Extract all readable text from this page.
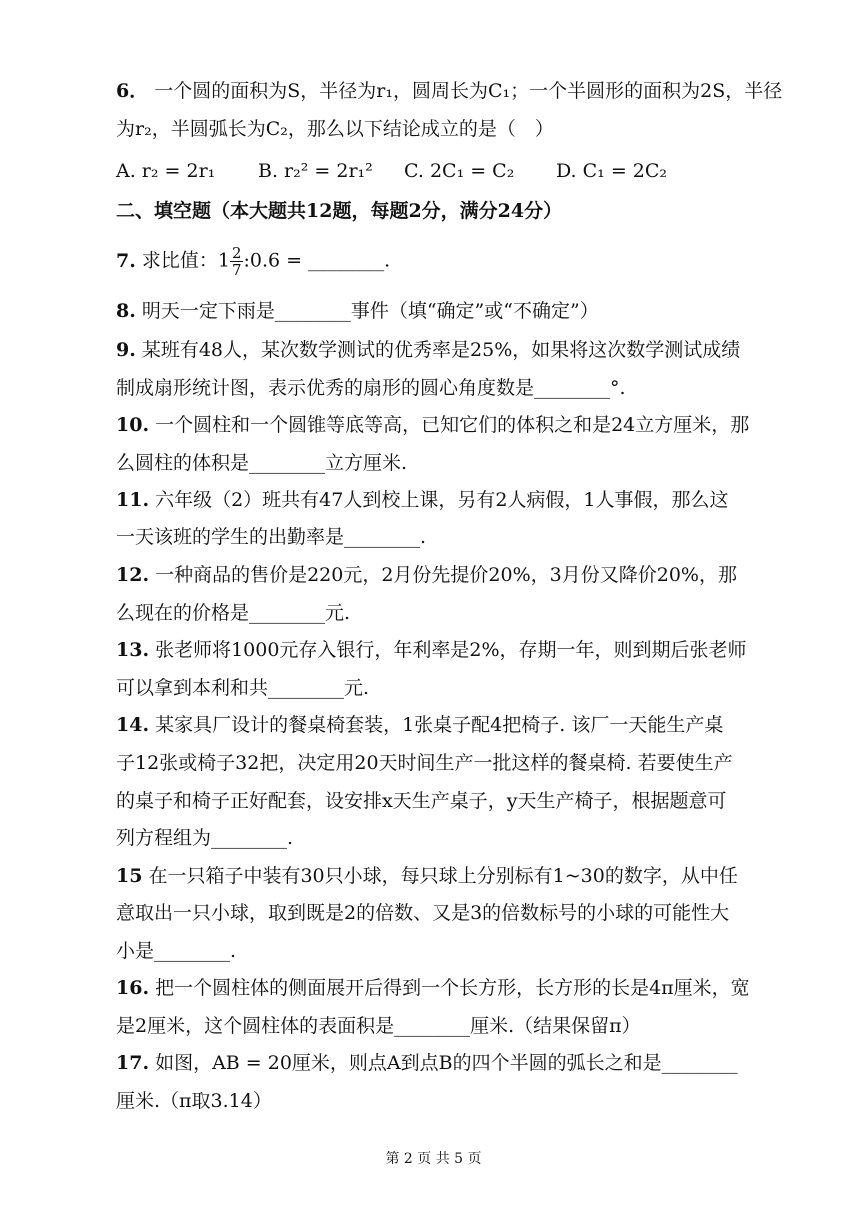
6． 一个圆的面积为S，半径为r₁，圆周长为C₁；一个半圆形的面积为2S，半径
为r₂，半圆弧长为C₂，那么以下结论成立的是（　）
A. r₂ = 2r₁ B. r₂² = 2r₁² C. 2C₁ = C₂ D. C₁ = 2C₂
二、填空题（本大题共12题，每题2分，满分24分）
7. 求比值：$1 \frac{2}{7}$ :0.6 = ________.
8. 明天一定下雨是________事件（填“确定”或“不确定”）
9. 某班有48人，某次数学测试的优秀率是25%，如果将这次数学测试成绩
制成扇形统计图，表示优秀的扇形的圆心角度数是________°.
10. 一个圆柱和一个圆锥等底等高，已知它们的体积之和是24立方厘米，那
么圆柱的体积是________立方厘米.
11. 六年级（2）班共有47人到校上课，另有2人病假，1人事假，那么这
一天该班的学生的出勤率是________.
12. 一种商品的售价是220元，2月份先提价20%，3月份又降价20%，那
么现在的价格是________元.
13. 张老师将1000元存入银行，年利率是2%，存期一年，则到期后张老师
可以拿到本利和共________元.
14. 某家具厂设计的餐桌椅套装，1张桌子配4把椅子. 该厂一天能生产桌
子12张或椅子32把，决定用20天时间生产一批这样的餐桌椅. 若要使生产
的桌子和椅子正好配套，设安排x天生产桌子，y天生产椅子，根据题意可
列方程组为________.
15 在一只箱子中装有30只小球，每只球上分别标有1~30的数字，从中任
意取出一只小球，取到既是2的倍数、又是3的倍数标号的小球的可能性大
小是________.
16. 把一个圆柱体的侧面展开后得到一个长方形，长方形的长是4π厘米，宽
是2厘米，这个圆柱体的表面积是________厘米.（结果保留π）
17. 如图，AB = 20厘米，则点A到点B的四个半圆的弧长之和是________
厘米.（π取3.14）
第 2 页 共 5 页
